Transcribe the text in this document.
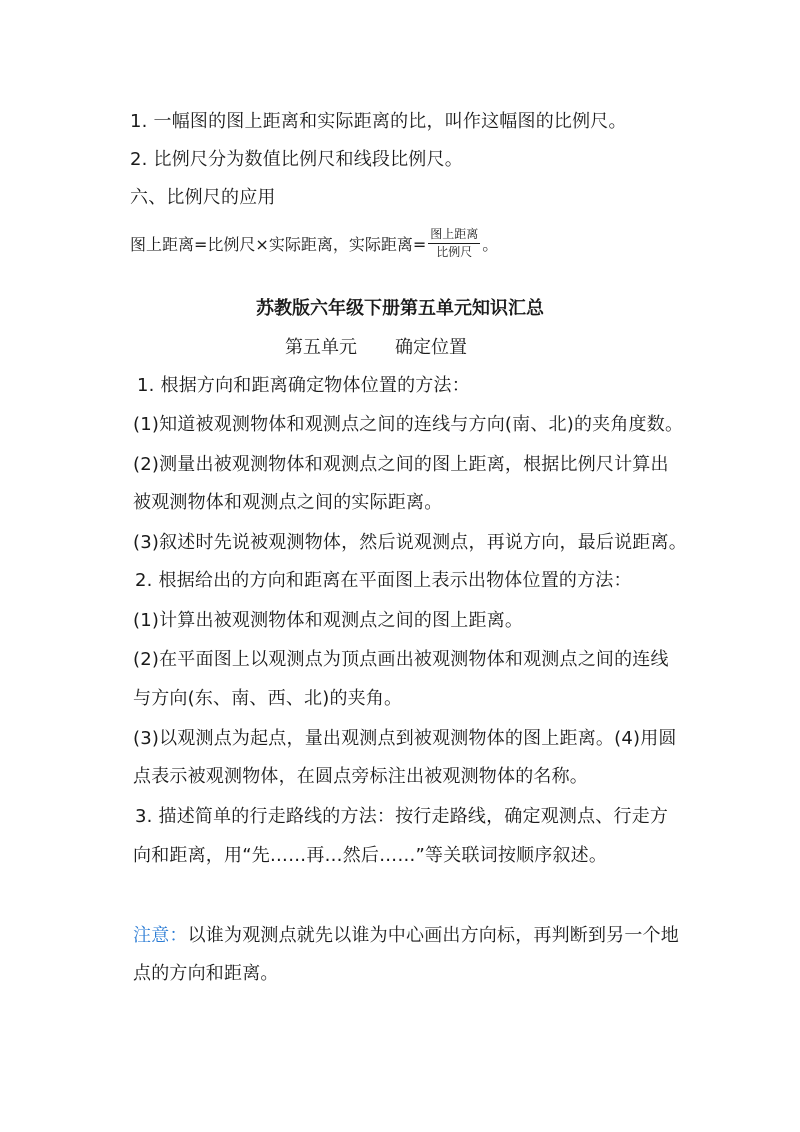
1. 一幅图的图上距离和实际距离的比，叫作这幅图的比例尺。
2. 比例尺分为数值比例尺和线段比例尺。
六、比例尺的应用
图上距离=比例尺×实际距离，实际距离= $\frac{\text{图上距离}}{\text{比例尺}}$ 。
苏教版六年级下册第五单元知识汇总
第五单元 确定位置
1. 根据方向和距离确定物体位置的方法：
(1)知道被观测物体和观测点之间的连线与方向(南、北)的夹角度数。
(2)测量出被观测物体和观测点之间的图上距离，根据比例尺计算出
被观测物体和观测点之间的实际距离。
(3)叙述时先说被观测物体，然后说观测点，再说方向，最后说距离。
2. 根据给出的方向和距离在平面图上表示出物体位置的方法：
(1)计算出被观测物体和观测点之间的图上距离。
(2)在平面图上以观测点为顶点画出被观测物体和观测点之间的连线
与方向(东、南、西、北)的夹角。
(3)以观测点为起点，量出观测点到被观测物体的图上距离。(4)用圆
点表示被观测物体，在圆点旁标注出被观测物体的名称。
3. 描述简单的行走路线的方法：按行走路线，确定观测点、行走方
向和距离，用“先……再…然后……”等关联词按顺序叙述。
注意：以谁为观测点就先以谁为中心画出方向标，再判断到另一个地
点的方向和距离。
